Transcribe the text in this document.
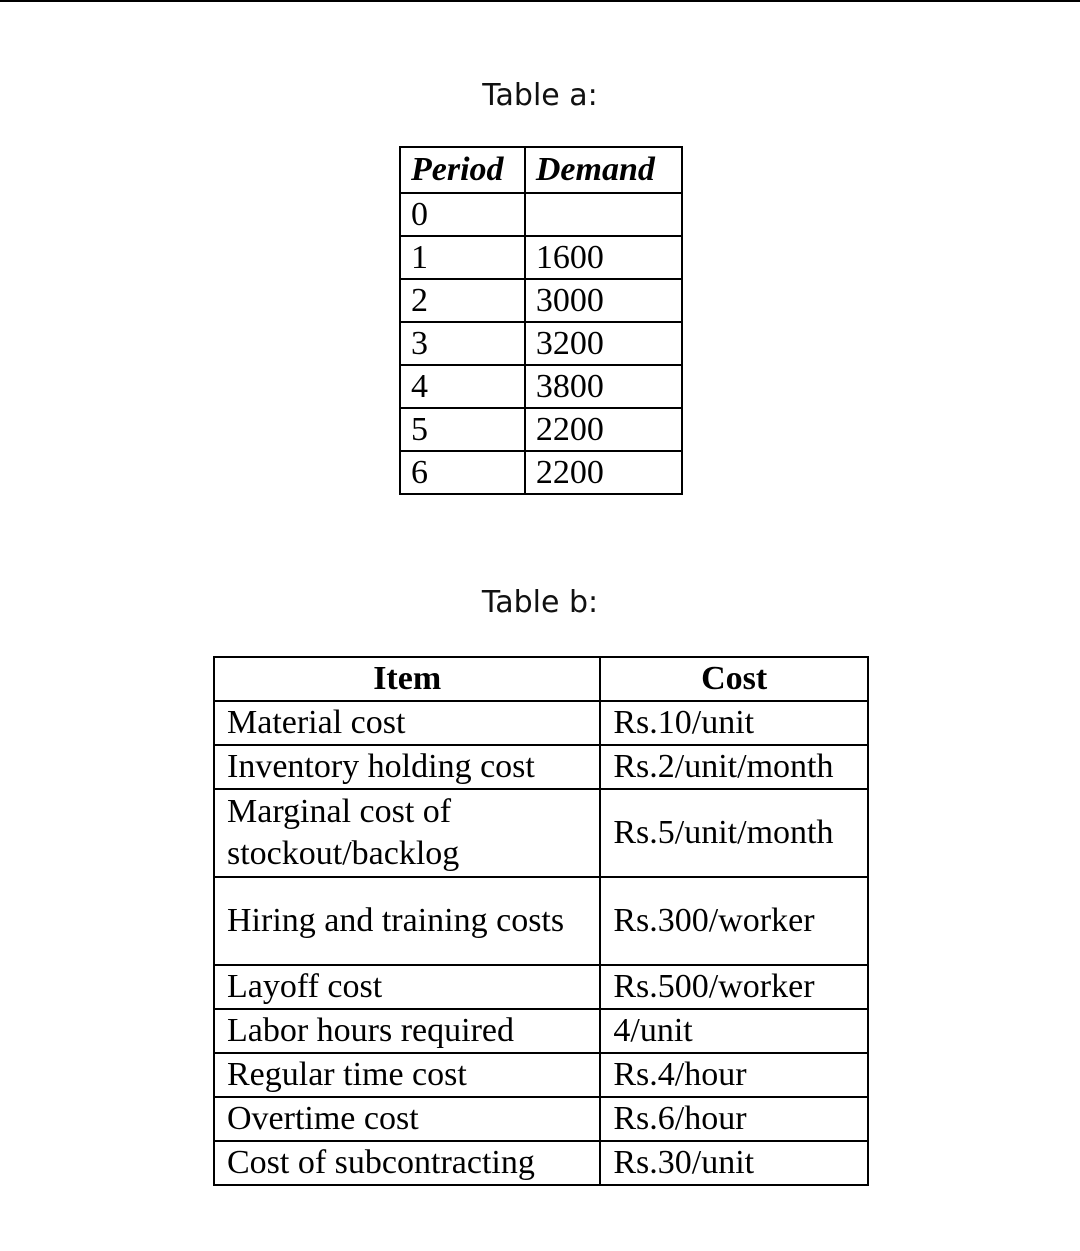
Table a:
Period	Demand
0	
1	1600
2	3000
3	3200
4	3800
5	2200
6	2200
Table b:
Item	Cost
Material cost	Rs.10/unit
Inventory holding cost	Rs.2/unit/month
Marginal cost of stockout/backlog	Rs.5/unit/month
Hiring and training costs	Rs.300/worker
Layoff cost	Rs.500/worker
Labor hours required	4/unit
Regular time cost	Rs.4/hour
Overtime cost	Rs.6/hour
Cost of subcontracting	Rs.30/unit
